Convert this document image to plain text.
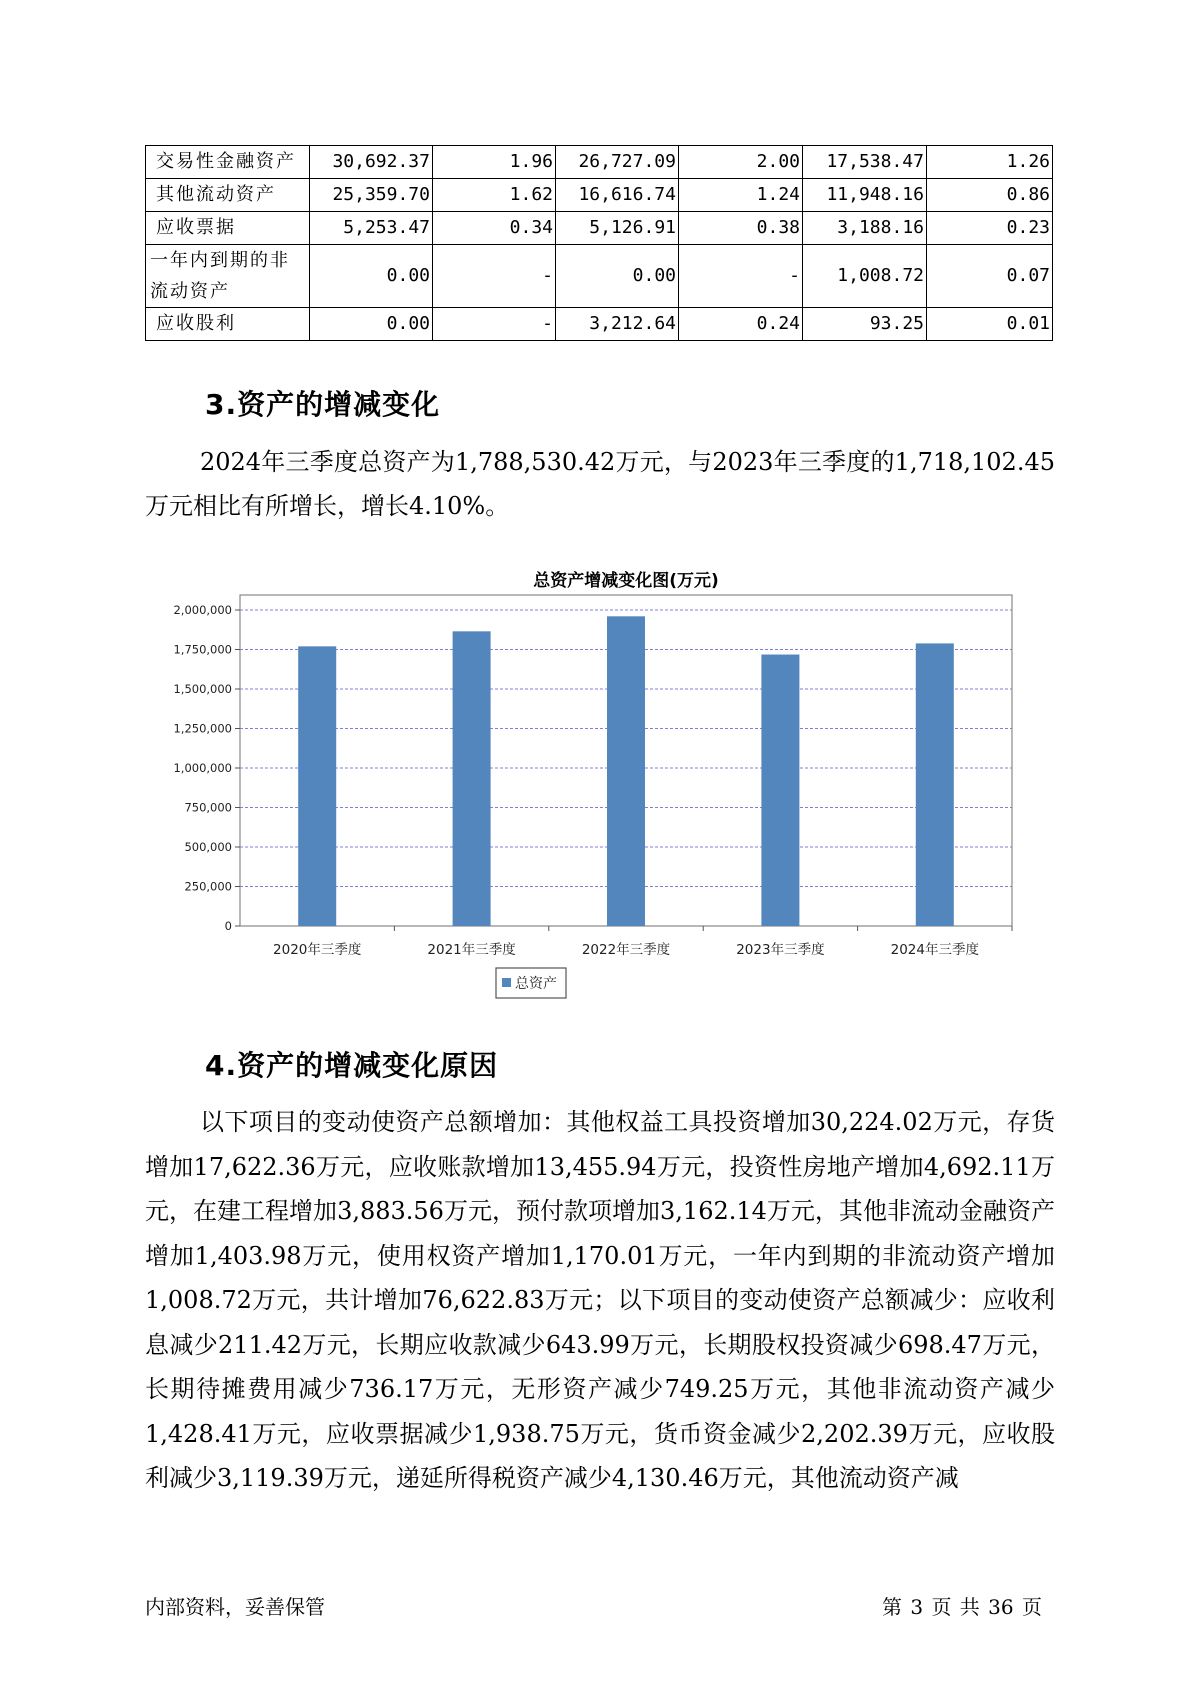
交易性金融资产	30,692.37	1.96	26,727.09	2.00	17,538.47	1.26
其他流动资产	25,359.70	1.62	16,616.74	1.24	11,948.16	0.86
应收票据	5,253.47	0.34	5,126.91	0.38	3,188.16	0.23
一年内到期的非流动资产	0.00	-	0.00	-	1,008.72	0.07
应收股利	0.00	-	3,212.64	0.24	93.25	0.01
3.资产的增减变化

2024年三季度总资产为1,788,530.42万元，与2023年三季度的1,718,102.45万元相比有所增长，增长4.10%。

总资产增减变化图(万元)
0
250,000
500,000
750,000
1,000,000
1,250,000
1,500,000
1,750,000
2,000,000
2020年三季度	2021年三季度	2022年三季度	2023年三季度	2024年三季度
总资产
4.资产的增减变化原因

以下项目的变动使资产总额增加：其他权益工具投资增加30,224.02万元，存货增加17,622.36万元，应收账款增加13,455.94万元，投资性房地产增加4,692.11万元，在建工程增加3,883.56万元，预付款项增加3,162.14万元，其他非流动金融资产增加1,403.98万元，使用权资产增加1,170.01万元，一年内到期的非流动资产增加1,008.72万元，共计增加76,622.83万元；以下项目的变动使资产总额减少：应收利息减少211.42万元，长期应收款减少643.99万元，长期股权投资减少698.47万元，长期待摊费用减少736.17万元，无形资产减少749.25万元，其他非流动资产减少1,428.41万元，应收票据减少1,938.75万元，货币资金减少2,202.39万元，应收股利减少3,119.39万元，递延所得税资产减少4,130.46万元，其他流动资产减

内部资料，妥善保管	第 3 页 共 36 页
